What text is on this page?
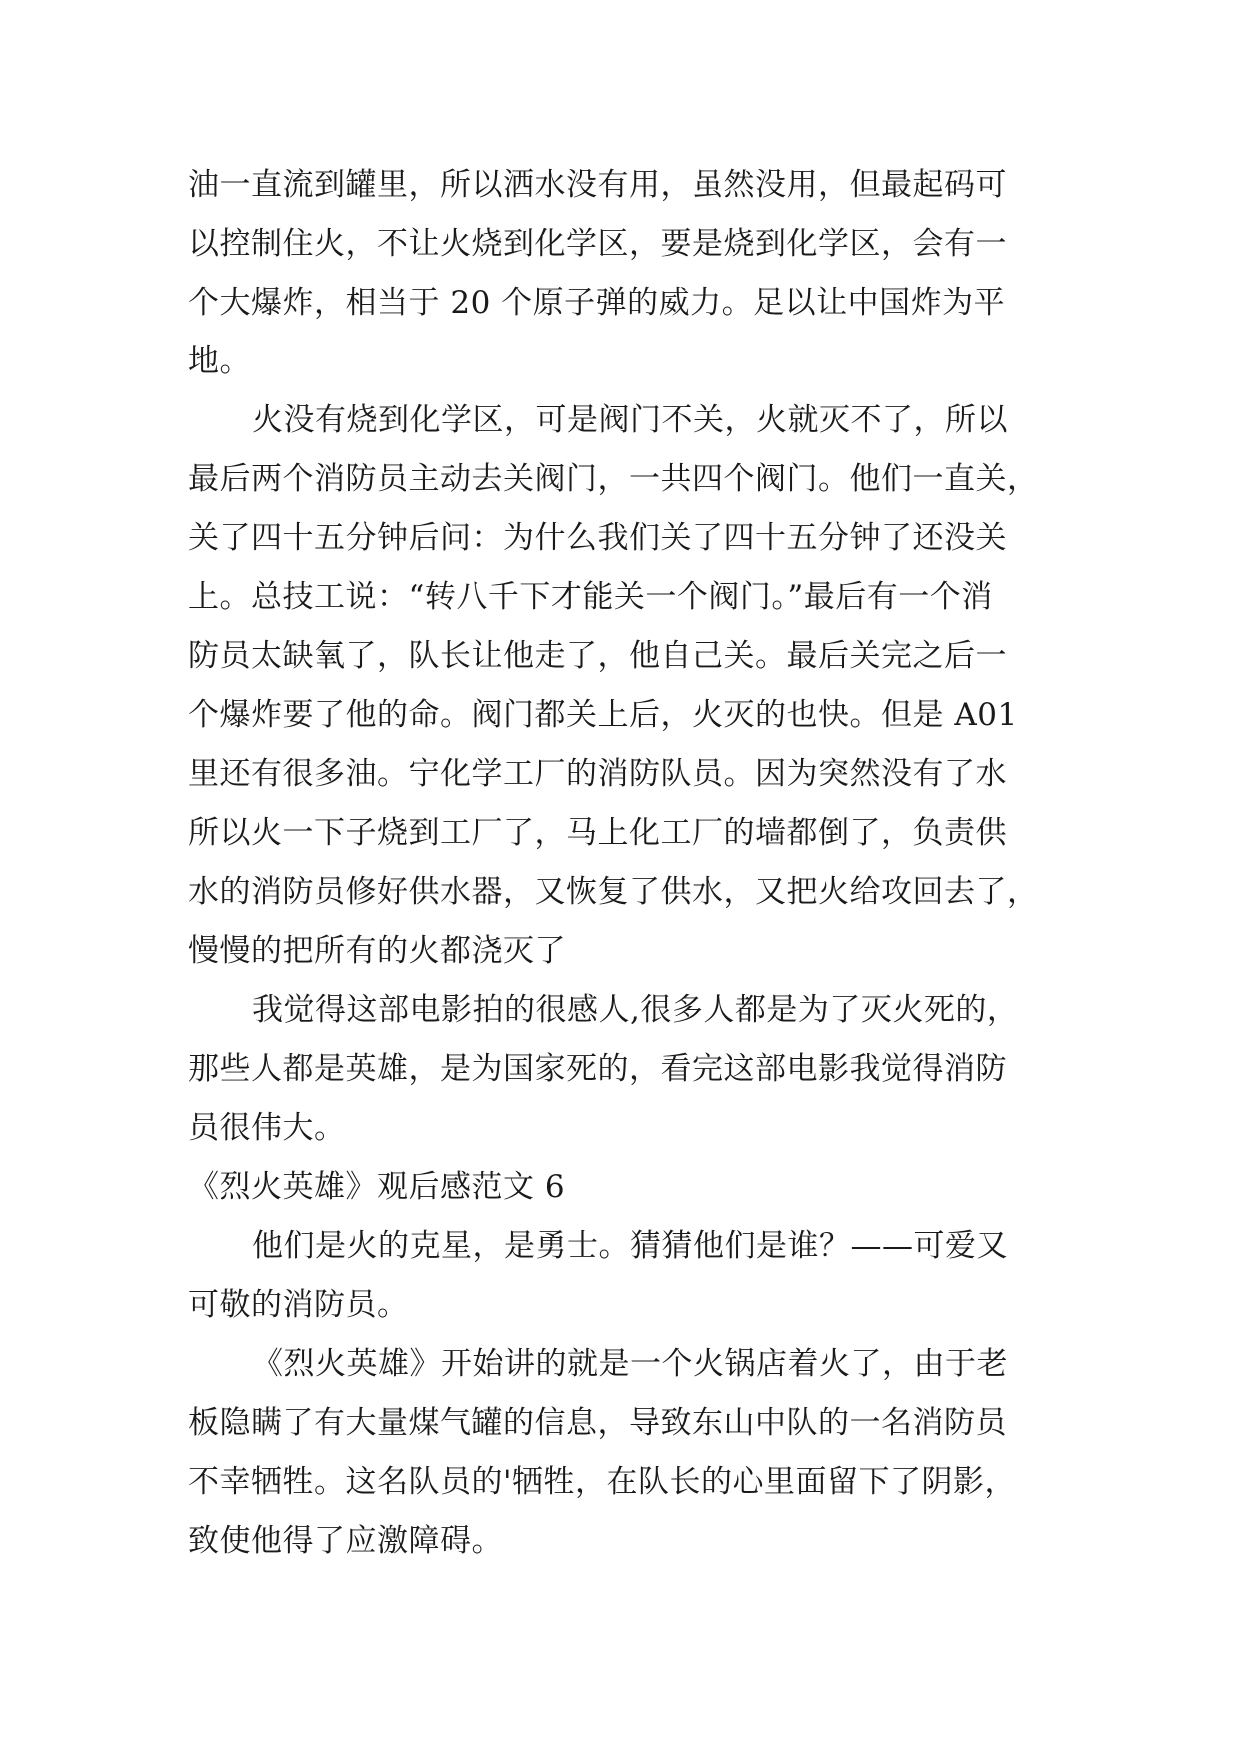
油一直流到罐里，所以洒水没有用，虽然没用，但最起码可
以控制住火，不让火烧到化学区，要是烧到化学区，会有一
个大爆炸，相当于 20 个原子弹的威力。足以让中国炸为平
地。
火没有烧到化学区，可是阀门不关，火就灭不了，所以
最后两个消防员主动去关阀门，一共四个阀门。他们一直关，
关了四十五分钟后问：为什么我们关了四十五分钟了还没关
上。总技工说：“转八千下才能关一个阀门。”最后有一个消
防员太缺氧了，队长让他走了，他自己关。最后关完之后一
个爆炸要了他的命。阀门都关上后，火灭的也快。但是 A01
里还有很多油。宁化学工厂的消防队员。因为突然没有了水
所以火一下子烧到工厂了，马上化工厂的墙都倒了，负责供
水的消防员修好供水器，又恢复了供水，又把火给攻回去了，
慢慢的把所有的火都浇灭了
我觉得这部电影拍的很感人,很多人都是为了灭火死的，
那些人都是英雄，是为国家死的，看完这部电影我觉得消防
员很伟大。
《烈火英雄》观后感范文 6
他们是火的克星，是勇士。猜猜他们是谁？——可爱又
可敬的消防员。
《烈火英雄》开始讲的就是一个火锅店着火了，由于老
板隐瞒了有大量煤气罐的信息，导致东山中队的一名消防员
不幸牺牲。这名队员的'牺牲，在队长的心里面留下了阴影，
致使他得了应激障碍。
